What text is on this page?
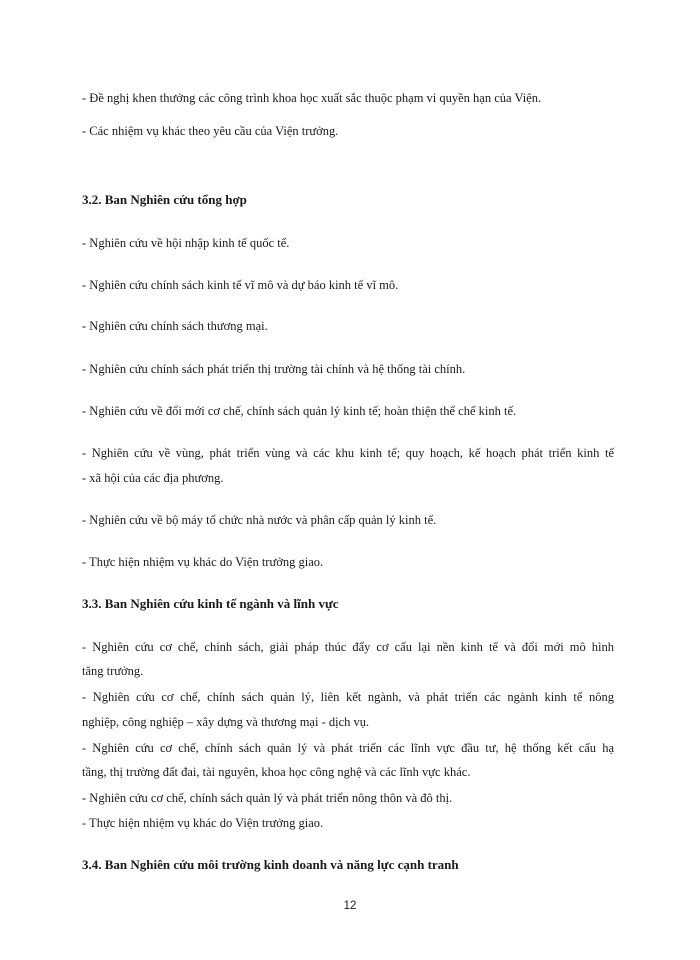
- Đề nghị khen thưởng các công trình khoa học xuất sắc thuộc phạm vi quyền hạn của Viện.
- Các nhiệm vụ khác theo yêu cầu của Viện trưởng.
3.2. Ban Nghiên cứu tổng hợp
- Nghiên cứu về hội nhập kinh tế quốc tế.
- Nghiên cứu chính sách kinh tế vĩ mô và dự báo kinh tế vĩ mô.
- Nghiên cứu chính sách thương mại.
- Nghiên cứu chính sách phát triển thị trường tài chính và hệ thống tài chính.
- Nghiên cứu về đổi mới cơ chế, chính sách quản lý kinh tế; hoàn thiện thể chế kinh tế.
- Nghiên cứu về vùng, phát triển vùng và các khu kinh tế; quy hoạch, kế hoạch phát triển kinh tế
- xã hội của các địa phương.
- Nghiên cứu về bộ máy tổ chức nhà nước và phân cấp quản lý kinh tế.
- Thực hiện nhiệm vụ khác do Viện trưởng giao.
3.3. Ban Nghiên cứu kinh tế ngành và lĩnh vực
- Nghiên cứu cơ chế, chính sách, giải pháp thúc đẩy cơ cấu lại nền kinh tế và đổi mới mô hình
tăng trưởng.
- Nghiên cứu cơ chế, chính sách quản lý, liên kết ngành, và phát triển các ngành kinh tế nông
nghiệp, công nghiệp – xây dựng và thương mại - dịch vụ.
- Nghiên cứu cơ chế, chính sách quản lý và phát triển các lĩnh vực đầu tư, hệ thống kết cấu hạ
tầng, thị trường đất đai, tài nguyên, khoa học công nghệ và các lĩnh vực khác.
- Nghiên cứu cơ chế, chính sách quản lý và phát triển nông thôn và đô thị.
- Thực hiện nhiệm vụ khác do Viện trưởng giao.
3.4. Ban Nghiên cứu môi trường kinh doanh và năng lực cạnh tranh
12
